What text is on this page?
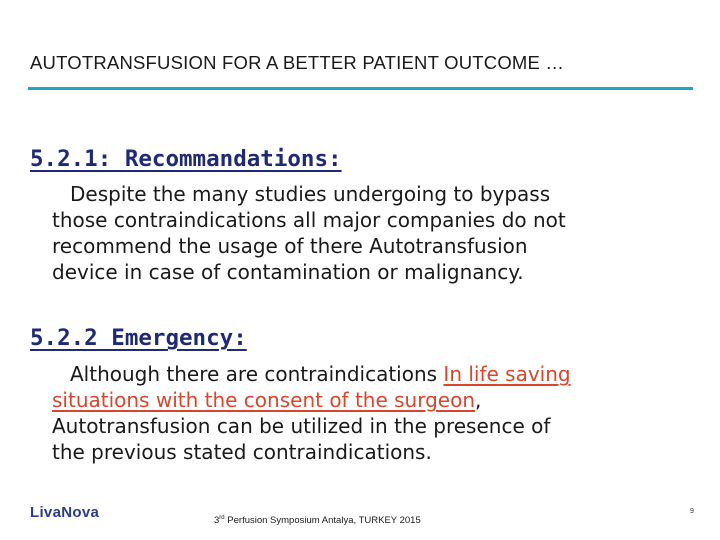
AUTOTRANSFUSION FOR A BETTER PATIENT OUTCOME …
5.2.1: Recommandations:

Despite the many studies undergoing to bypass
those contraindications all major companies do not
recommend the usage of there Autotransfusion
device in case of contamination or malignancy.

5.2.2 Emergency:

Although there are contraindications In life saving
situations with the consent of the surgeon,
Autotransfusion can be utilized in the presence of
the previous stated contraindications.

LivaNova	3rd Perfusion Symposium Antalya, TURKEY 2015
9
